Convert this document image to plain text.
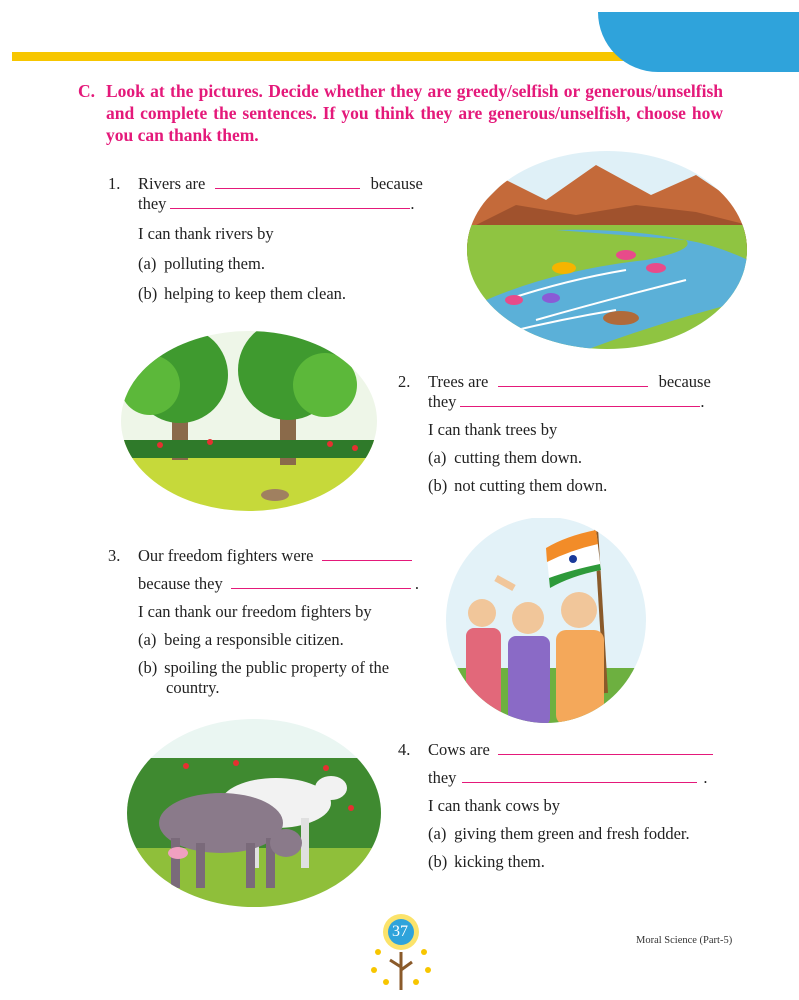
C. Look at the pictures. Decide whether they are greedy/selfish or generous/unselfish and complete the sentences. If you think they are generous/unselfish, choose how you can thank them.
1. Rivers are	because
they	.
I can thank rivers by
(a) polluting them.
(b) helping to keep them clean.
2. Trees are	because
they	.
I can thank trees by
(a) cutting them down.
(b) not cutting them down.
3. Our freedom fighters were
because they	.
I can thank our freedom fighters by
(a) being a responsible citizen.
(b) spoiling the public property of the
country.
4. Cows are
they	.
I can thank cows by
(a) giving them green and fresh fodder.
(b) kicking them.
37
Moral Science (Part-5)
